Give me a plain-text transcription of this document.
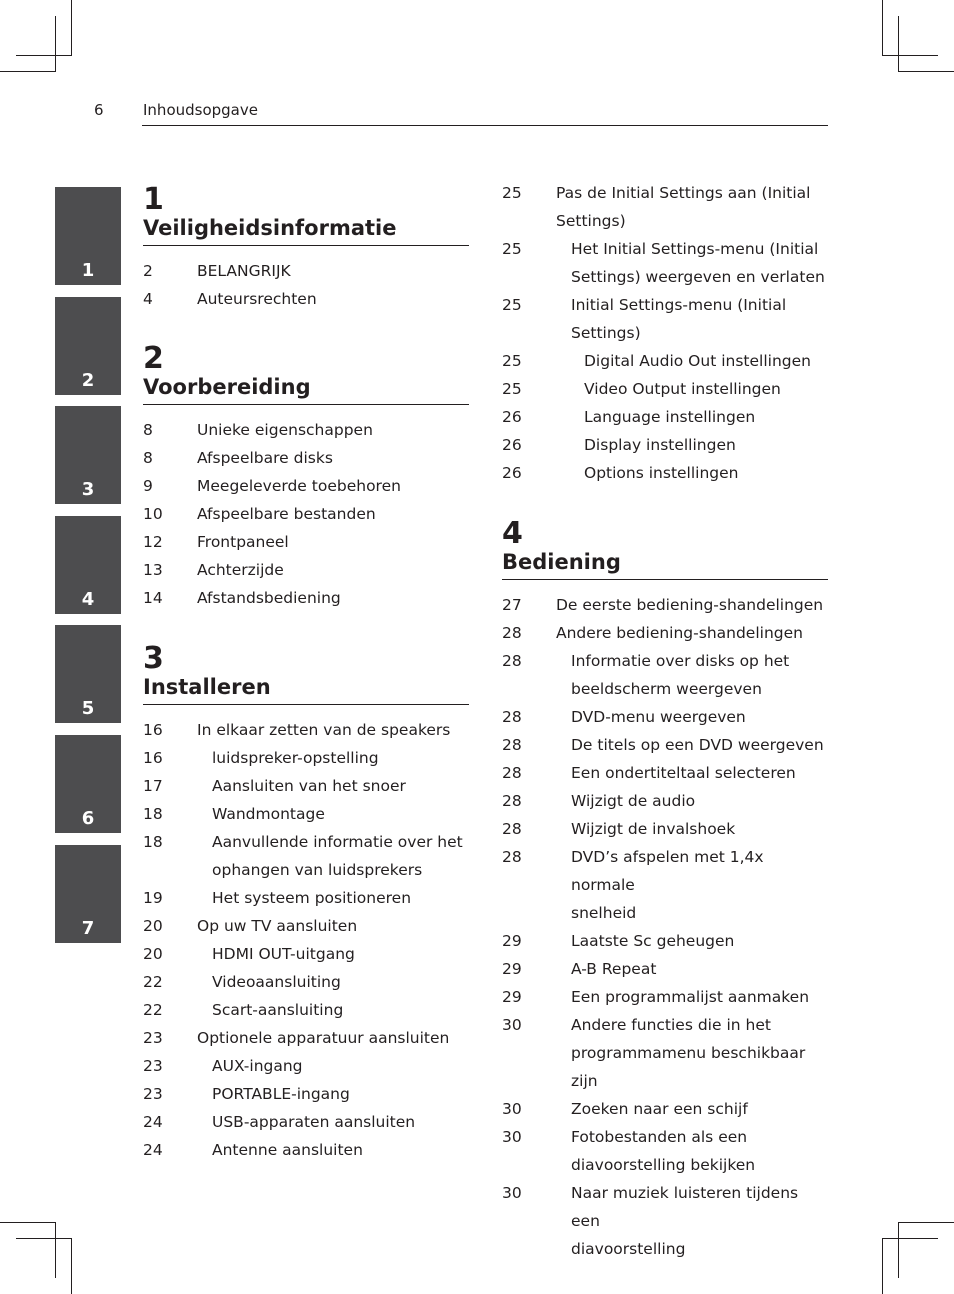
6	Inhoudsopgave
1
2
3
4
5
6
7
1
Veiligheidsinformatie
2	BELANGRIJK
4	Auteursrechten
2
Voorbereiding
8	Unieke eigenschappen
8	Afspeelbare disks
9	Meegeleverde toebehoren
10 Afspeelbare bestanden
12 Frontpaneel
13 Achterzijde
14 Afstandsbediening
3
Installeren
16 In elkaar zetten van de speakers
16	luidspreker-opstelling
17	Aansluiten van het snoer
18	Wandmontage
18	Aanvullende informatie over het
ophangen van luidsprekers
19	Het systeem positioneren
20 Op uw TV aansluiten
20	HDMI OUT-uitgang
22	Videoaansluiting
22	Scart-aansluiting
23 Optionele apparatuur aansluiten
23	AUX-ingang
23	PORTABLE-ingang
24	USB-apparaten aansluiten
24	Antenne aansluiten
25 Pas de Initial Settings aan (Initial
Settings)
25	Het Initial Settings-menu (Initial
Settings) weergeven en verlaten
25	Initial Settings-menu (Initial
Settings)
25	Digital Audio Out instellingen
25	Video Output instellingen
26	Language instellingen
26	Display instellingen
26	Options instellingen
4
Bediening
27 De eerste bediening-shandelingen
28 Andere bediening-shandelingen
28	Informatie over disks op het
beeldscherm weergeven
28	DVD-menu weergeven
28	De titels op een DVD weergeven
28	Een ondertiteltaal selecteren
28	Wijzigt de audio
28	Wijzigt de invalshoek
28	DVD’s afspelen met 1,4x normale
snelheid
29	Laatste Sc geheugen
29	A-B Repeat
29	Een programmalijst aanmaken
30	Andere functies die in het
programmamenu beschikbaar zijn
30	Zoeken naar een schijf
30	Fotobestanden als een
diavoorstelling bekijken
30	Naar muziek luisteren tijdens een
diavoorstelling
